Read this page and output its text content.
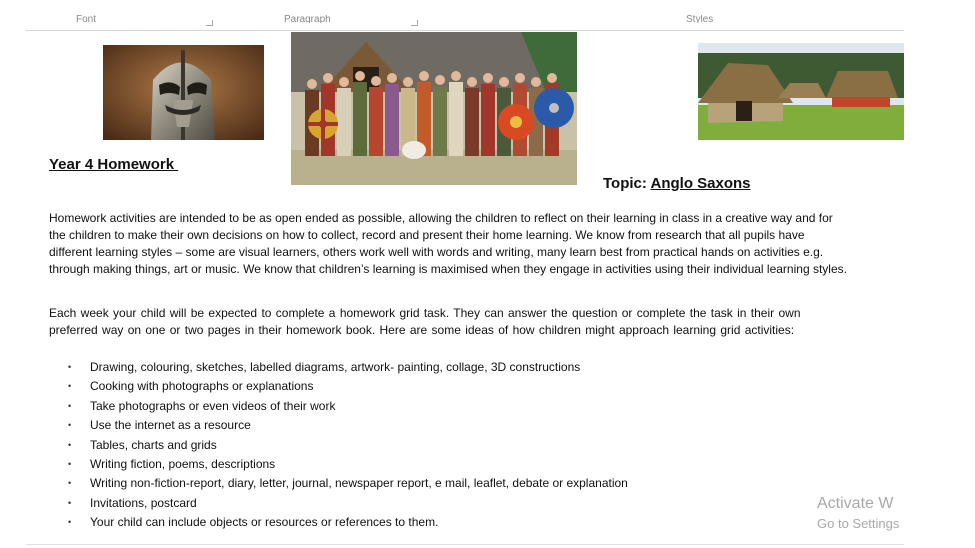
Font	Paragraph	Styles

Year 4 Homework

Topic: Anglo Saxons

Homework activities are intended to be as open ended as possible, allowing the children to reflect on their learning in class in a creative way and for the children to make their own decisions on how to collect, record and present their home learning. We know from research that all pupils have different learning styles – some are visual learners, others work well with words and writing, many learn best from practical hands on activities e.g. through making things, art or music. We know that children’s learning is maximised when they engage in activities using their individual learning styles.

Each week your child will be expected to complete a homework grid task. They can answer the question or complete the task in their own preferred way on one or two pages in their homework book. Here are some ideas of how children might approach learning grid activities:

• Drawing, colouring, sketches, labelled diagrams, artwork- painting, collage, 3D constructions
• Cooking with photographs or explanations
• Take photographs or even videos of their work
• Use the internet as a resource
• Tables, charts and grids
• Writing fiction, poems, descriptions
• Writing non-fiction-report, diary, letter, journal, newspaper report, e mail, leaflet, debate or explanation
• Invitations, postcard
• Your child can include objects or resources or references to them.
Activate W
Go to Settings
